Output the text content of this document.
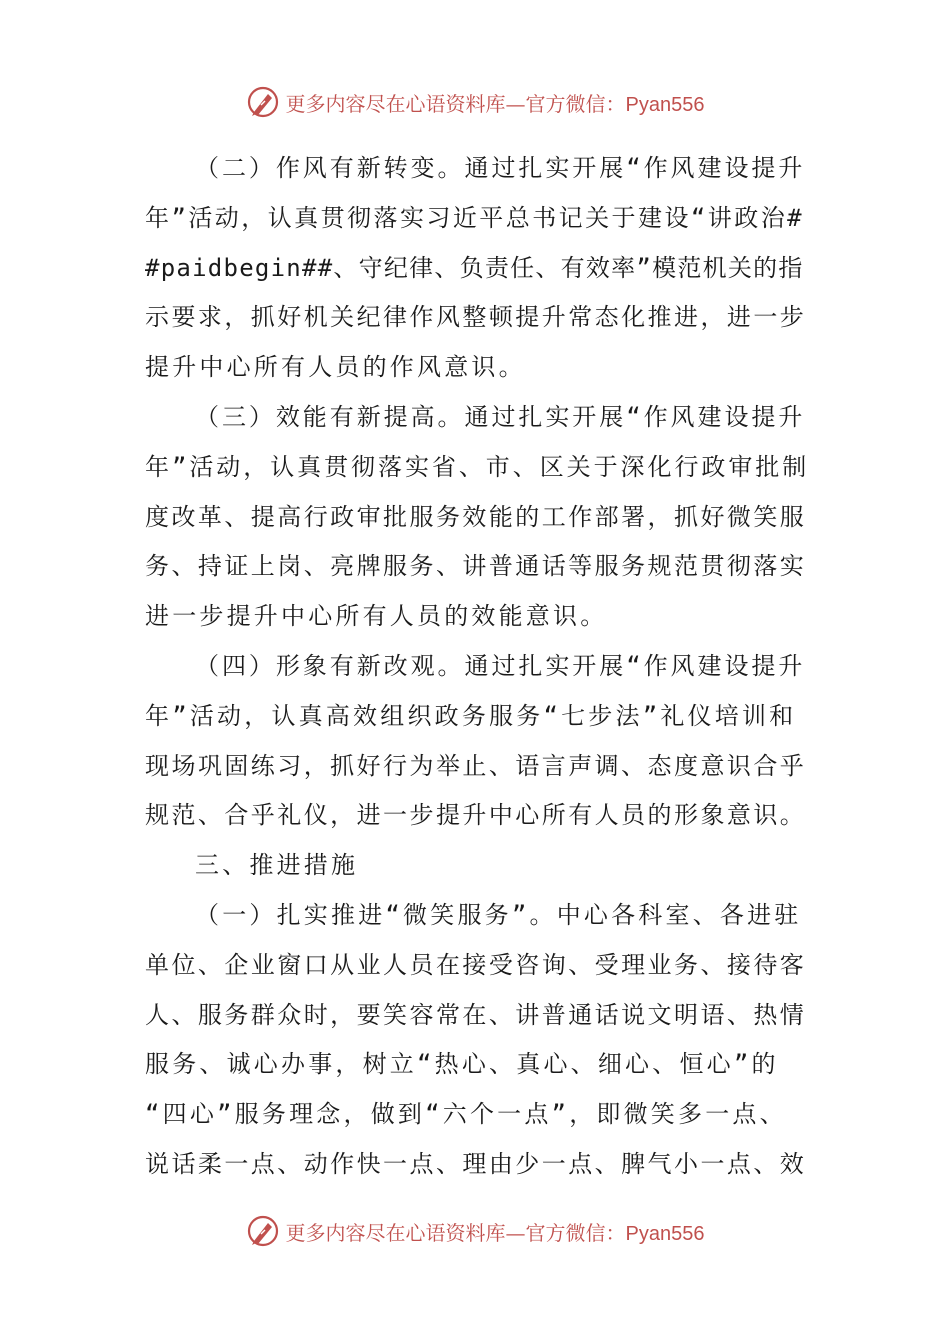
更多内容尽在心语资料库—官方微信：Pyan556
（二）作风有新转变。通过扎实开展“作风建设提升
年”活动，认真贯彻落实习近平总书记关于建设“讲政治#
#paidbegin##、守纪律、负责任、有效率”模范机关的指
示要求，抓好机关纪律作风整顿提升常态化推进，进一步
提升中心所有人员的作风意识。
（三）效能有新提高。通过扎实开展“作风建设提升
年”活动，认真贯彻落实省、市、区关于深化行政审批制
度改革、提高行政审批服务效能的工作部署，抓好微笑服
务、持证上岗、亮牌服务、讲普通话等服务规范贯彻落实
进一步提升中心所有人员的效能意识。
（四）形象有新改观。通过扎实开展“作风建设提升
年”活动，认真高效组织政务服务“七步法”礼仪培训和
现场巩固练习，抓好行为举止、语言声调、态度意识合乎
规范、合乎礼仪，进一步提升中心所有人员的形象意识。
三、推进措施
（一）扎实推进“微笑服务”。中心各科室、各进驻
单位、企业窗口从业人员在接受咨询、受理业务、接待客
人、服务群众时，要笑容常在、讲普通话说文明语、热情
服务、诚心办事，树立“热心、真心、细心、恒心”的
“四心”服务理念，做到“六个一点”，即微笑多一点、
说话柔一点、动作快一点、理由少一点、脾气小一点、效
更多内容尽在心语资料库—官方微信：Pyan556
